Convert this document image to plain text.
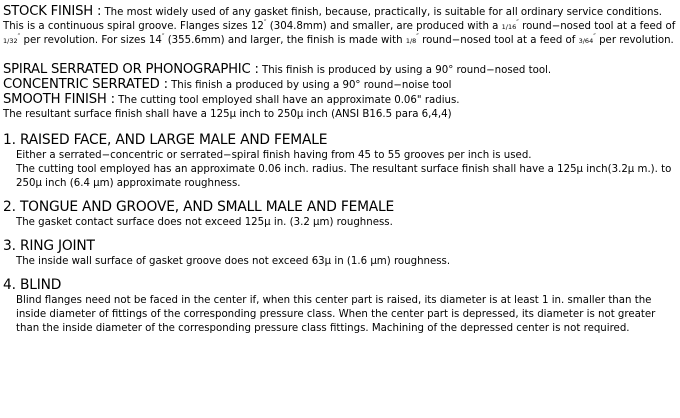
STOCK FINISH : The most widely used of any gasket finish, because, practically, is suitable for all ordinary service conditions. This is a continuous spiral groove. Flanges sizes 12″ (304.8mm) and smaller, are produced with a 1/16″ round−nosed tool at a feed of 1/32″ per revolution. For sizes 14″ (355.6mm) and larger, the finish is made with 1/8″ round−nosed tool at a feed of 3/64″ per revolution.

SPIRAL SERRATED OR PHONOGRAPHIC : This finish is produced by using a 90° round−nosed tool.

CONCENTRIC SERRATED : This finish a produced by using a 90° round−noise tool

SMOOTH FINISH : The cutting tool employed shall have an approximate 0.06" radius.

The resultant surface finish shall have a 125μ inch to 250μ inch (ANSI B16.5 para 6,4,4)

1. RAISED FACE, AND LARGE MALE AND FEMALE

Either a serrated−concentric or serrated−spiral finish having from 45 to 55 grooves per inch is used.

The cutting tool employed has an approximate 0.06 inch. radius. The resultant surface finish shall have a 125μ inch(3.2μ m.). to 250μ inch (6.4 μm) approximate roughness.

2. TONGUE AND GROOVE, AND SMALL MALE AND FEMALE

The gasket contact surface does not exceed 125μ in. (3.2 μm) roughness.

3. RING JOINT

The inside wall surface of gasket groove does not exceed 63μ in (1.6 μm) roughness.

4. BLIND

Blind flanges need not be faced in the center if, when this center part is raised, its diameter is at least 1 in. smaller than the inside diameter of fittings of the corresponding pressure class. When the center part is depressed, its diameter is not greater than the inside diameter of the corresponding pressure class fittings. Machining of the depressed center is not required.
